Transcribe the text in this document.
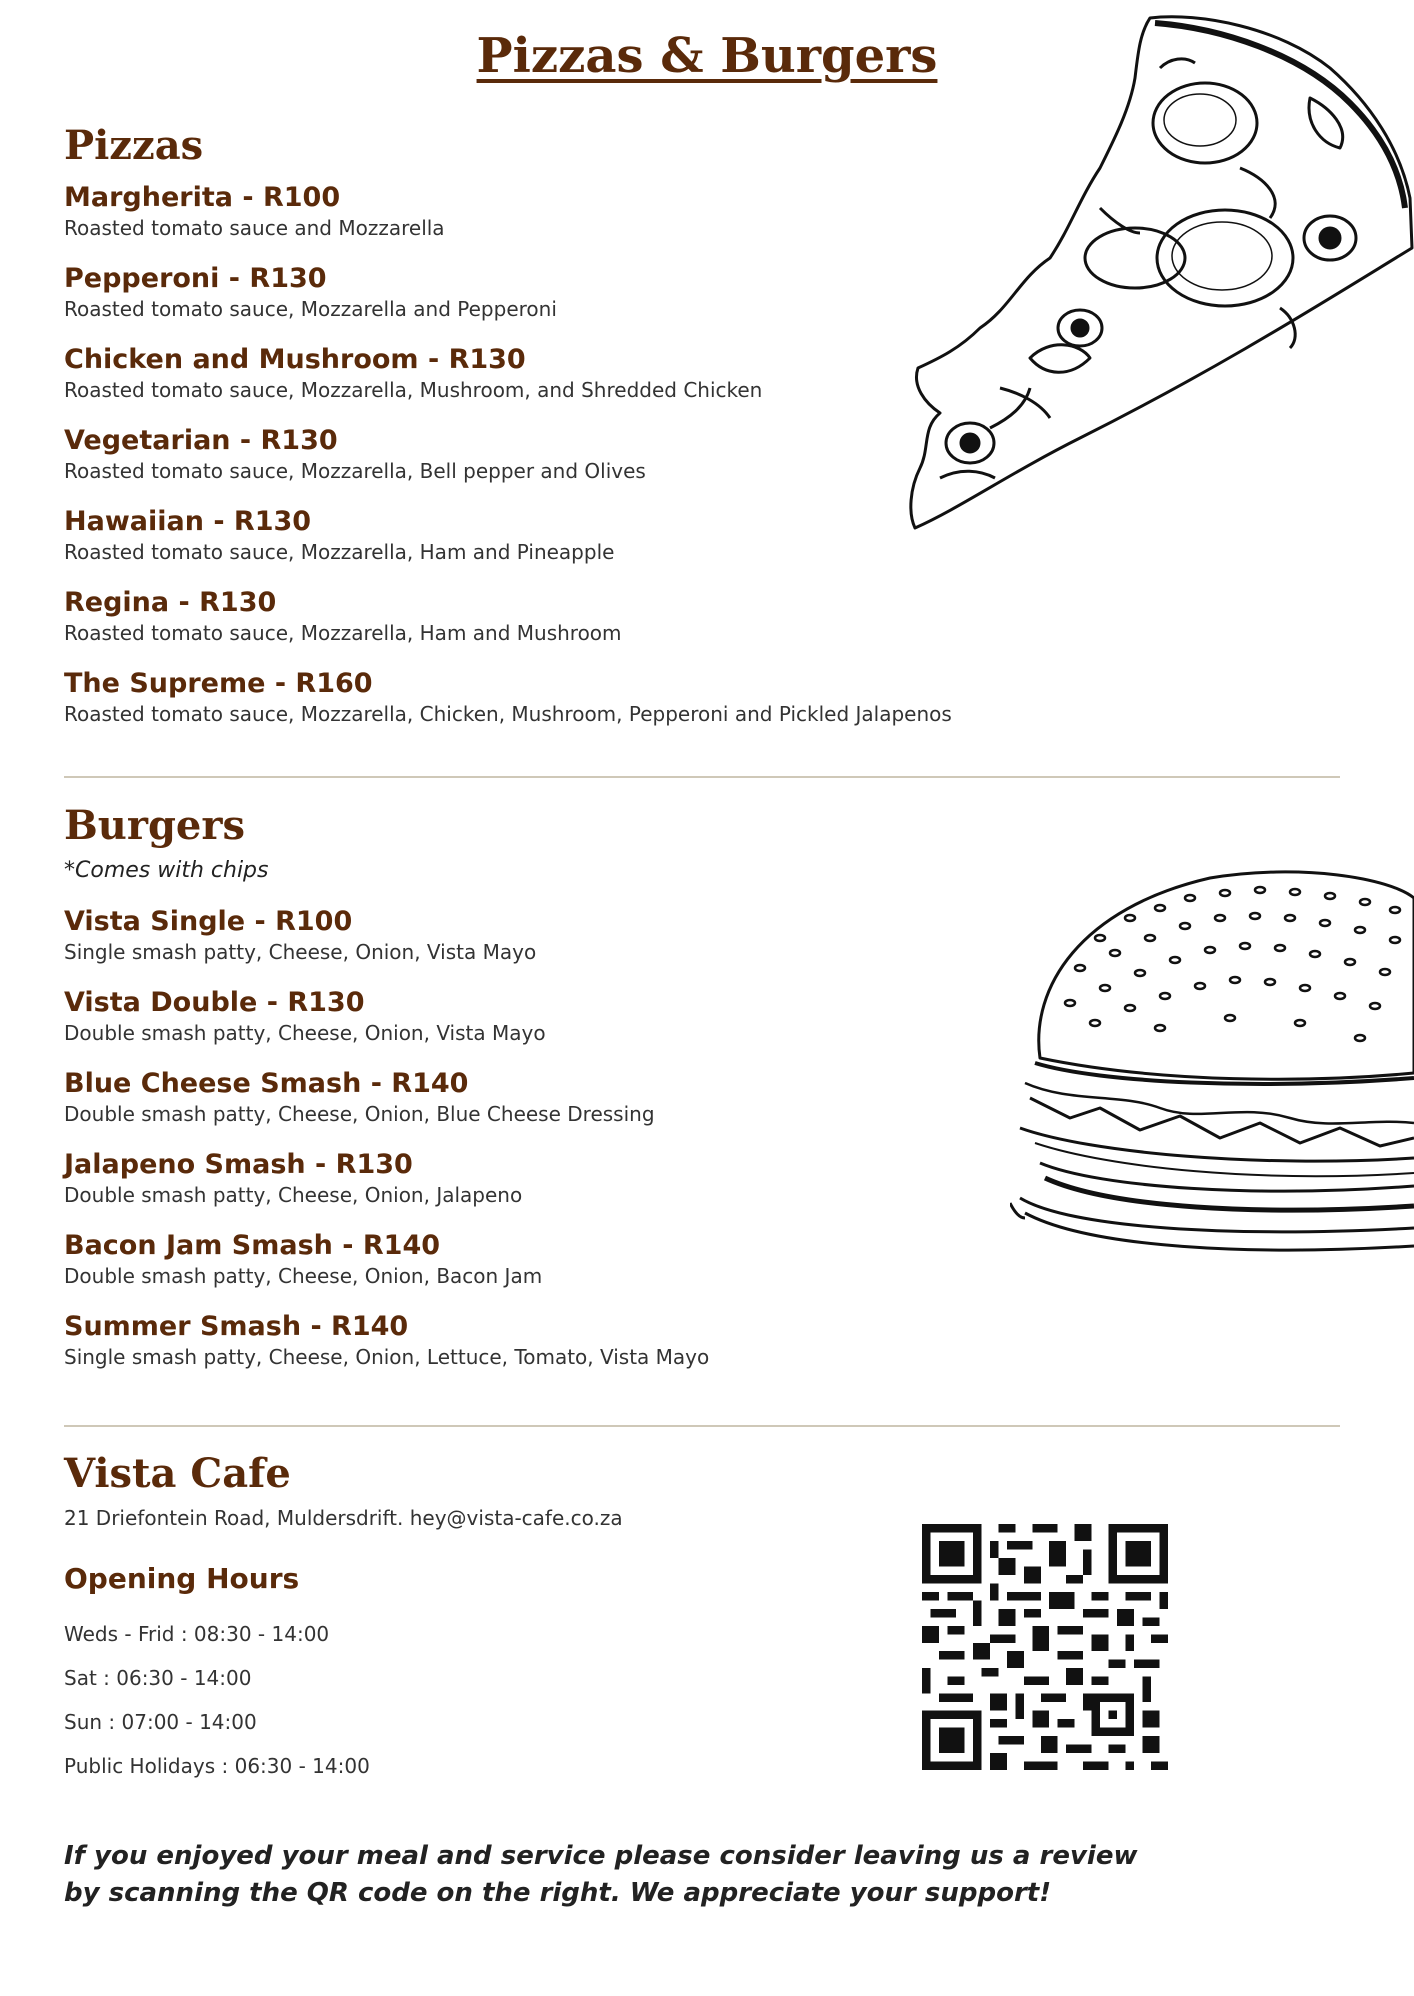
Pizzas & Burgers
Pizzas
Margherita - R100
Roasted tomato sauce and Mozzarella
Pepperoni - R130
Roasted tomato sauce, Mozzarella and Pepperoni
Chicken and Mushroom - R130
Roasted tomato sauce, Mozzarella, Mushroom, and Shredded Chicken
Vegetarian - R130
Roasted tomato sauce, Mozzarella, Bell pepper and Olives
Hawaiian - R130
Roasted tomato sauce, Mozzarella, Ham and Pineapple
Regina - R130
Roasted tomato sauce, Mozzarella, Ham and Mushroom
The Supreme - R160
Roasted tomato sauce, Mozzarella, Chicken, Mushroom, Pepperoni and Pickled Jalapenos
Burgers
*Comes with chips
Vista Single - R100
Single smash patty, Cheese, Onion, Vista Mayo
Vista Double - R130
Double smash patty, Cheese, Onion, Vista Mayo
Blue Cheese Smash - R140
Double smash patty, Cheese, Onion, Blue Cheese Dressing
Jalapeno Smash - R130
Double smash patty, Cheese, Onion, Jalapeno
Bacon Jam Smash - R140
Double smash patty, Cheese, Onion, Bacon Jam
Summer Smash - R140
Single smash patty, Cheese, Onion, Lettuce, Tomato, Vista Mayo
Vista Cafe
21 Driefontein Road, Muldersdrift. hey@vista-cafe.co.za
Opening Hours
Weds - Frid : 08:30 - 14:00
Sat : 06:30 - 14:00
Sun : 07:00 - 14:00
Public Holidays : 06:30 - 14:00
If you enjoyed your meal and service please consider leaving us a review
by scanning the QR code on the right. We appreciate your support!
